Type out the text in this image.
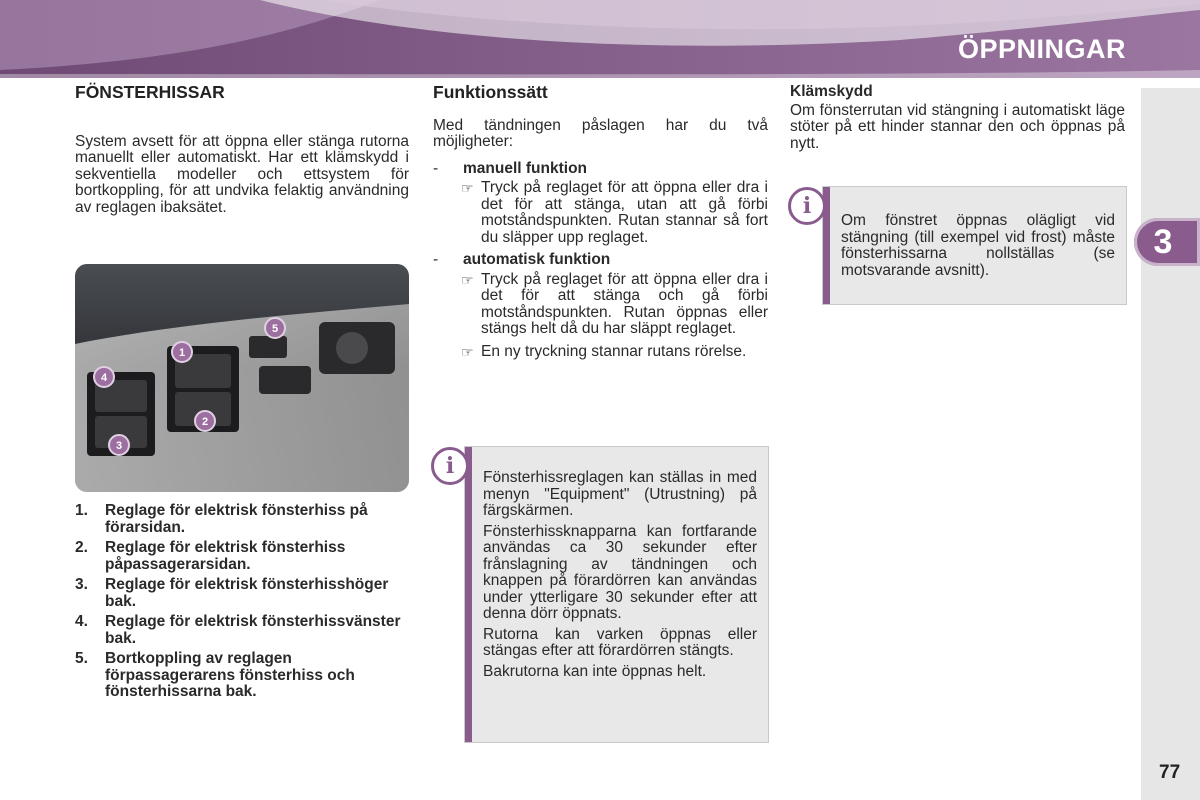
ÖPPNINGAR
3
77
FÖNSTERHISSAR

System avsett för att öppna eller stänga rutorna manuellt eller automatiskt. Har ett klämskydd i sekventiella modeller och ettsystem för bortkoppling, för att undvika felaktig användning av reglagen ibaksätet.

1
2
3
4
5
1. Reglage för elektrisk fönsterhiss på förarsidan.
2. Reglage för elektrisk fönsterhiss påpassagerarsidan.
3. Reglage för elektrisk fönsterhisshöger bak.
4. Reglage för elektrisk fönsterhissvänster bak.
5. Bortkoppling av reglagen förpassagerarens fönsterhiss och fönsterhissarna bak.
Funktionssätt

Med tändningen påslagen har du två möjligheter:

- manuell funktion
☞ Tryck på reglaget för att öppna eller dra i det för att stänga, utan att gå förbi motståndspunkten. Rutan stannar så fort du släpper upp reglaget.
- automatisk funktion
☞ Tryck på reglaget för att öppna eller dra i det för att stänga och gå förbi motståndspunkten. Rutan öppnas eller stängs helt då du har släppt reglaget.
☞ En ny tryckning stannar rutans rörelse.
i	Fönsterhissreglagen kan ställas in med menyn "Equipment" (Utrustning) på färgskärmen.

Fönsterhissknapparna kan fortfarande användas ca 30 sekunder efter frånslagning av tändningen och knappen på förardörren kan användas under ytterligare 30 sekunder efter att denna dörr öppnats.

Rutorna kan varken öppnas eller stängas efter att förardörren stängts.

Bakrutorna kan inte öppnas helt.

Klämskydd

Om fönsterrutan vid stängning i automatiskt läge stöter på ett hinder stannar den och öppnas på nytt.

i

Om fönstret öppnas olägligt vid stängning (till exempel vid frost) måste fönsterhissarna nollställas (se motsvarande avsnitt).
